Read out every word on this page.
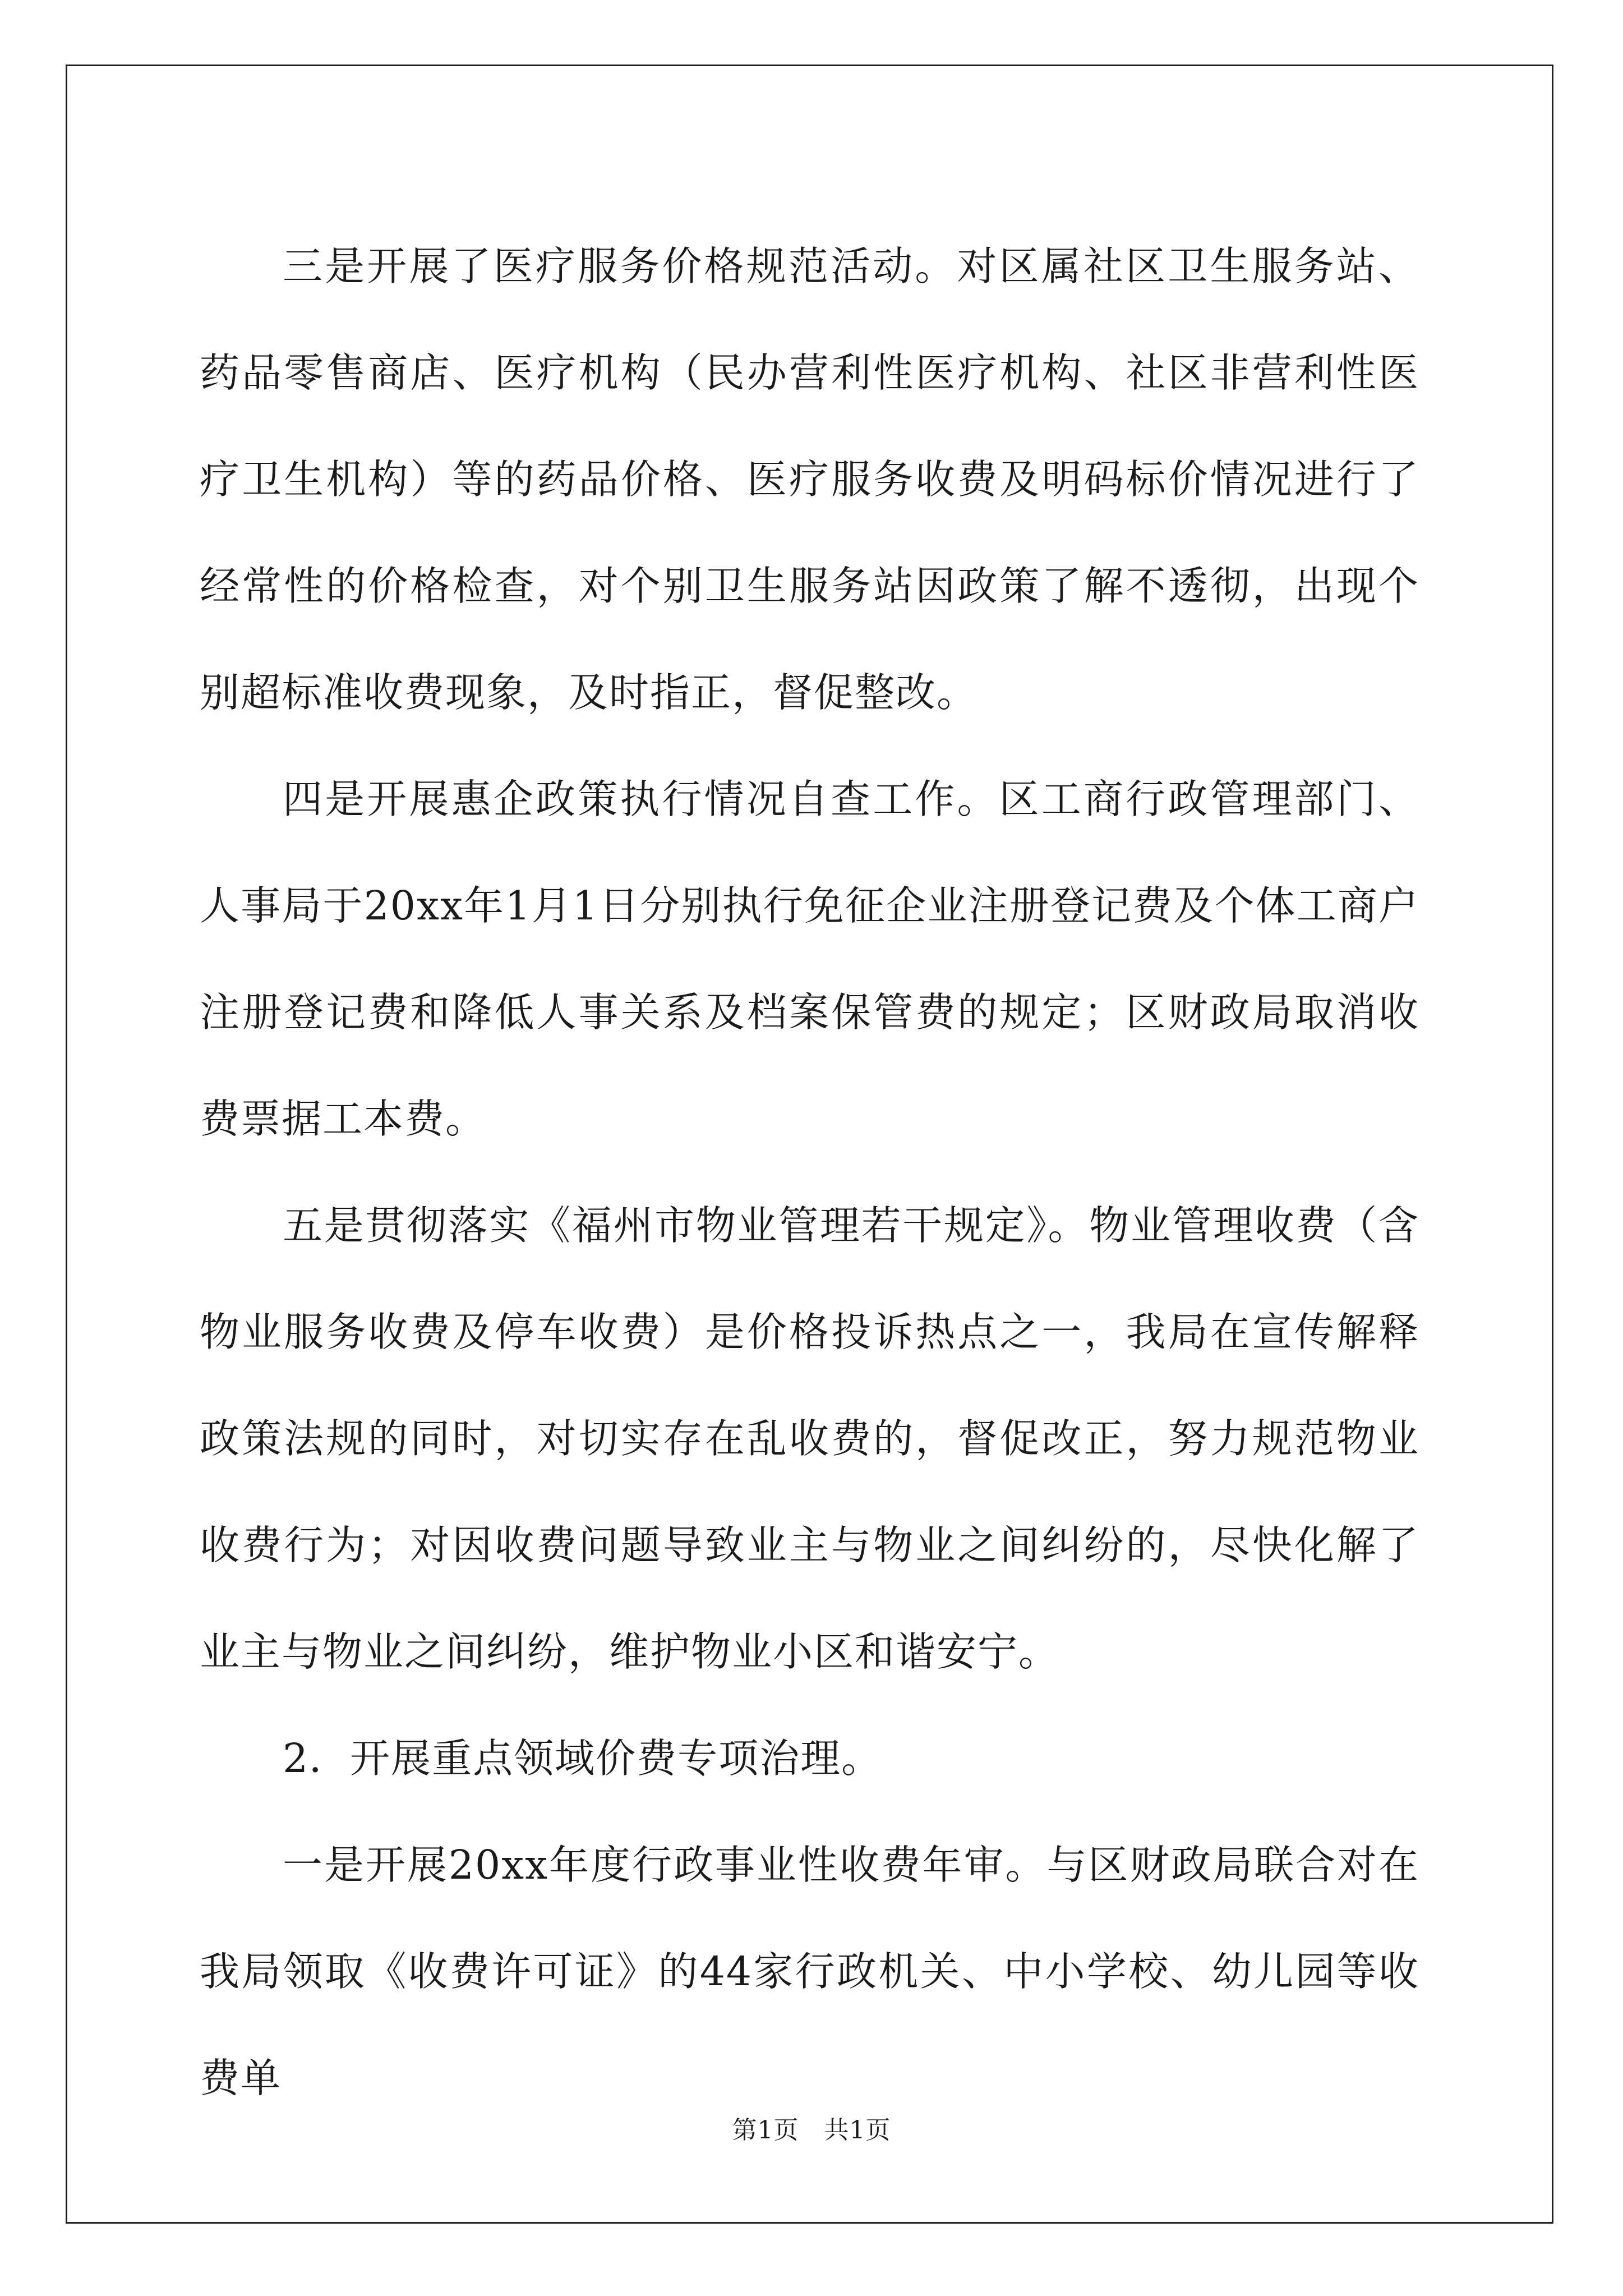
三是开展了医疗服务价格规范活动。对区属社区卫生服务站、药品零售商店、医疗机构（民办营利性医疗机构、社区非营利性医疗卫生机构）等的药品价格、医疗服务收费及明码标价情况进行了经常性的价格检查，对个别卫生服务站因政策了解不透彻，出现个别超标准收费现象，及时指正，督促整改。

四是开展惠企政策执行情况自查工作。区工商行政管理部门、人事局于20xx年1月1日分别执行免征企业注册登记费及个体工商户注册登记费和降低人事关系及档案保管费的规定；区财政局取消收费票据工本费。

五是贯彻落实《福州市物业管理若干规定》。物业管理收费（含物业服务收费及停车收费）是价格投诉热点之一，我局在宣传解释政策法规的同时，对切实存在乱收费的，督促改正，努力规范物业收费行为；对因收费问题导致业主与物业之间纠纷的，尽快化解了业主与物业之间纠纷，维护物业小区和谐安宁。

2．开展重点领域价费专项治理。

一是开展20xx年度行政事业性收费年审。与区财政局联合对在我局领取《收费许可证》的44家行政机关、中小学校、幼儿园等收费单

第1页　共1页
